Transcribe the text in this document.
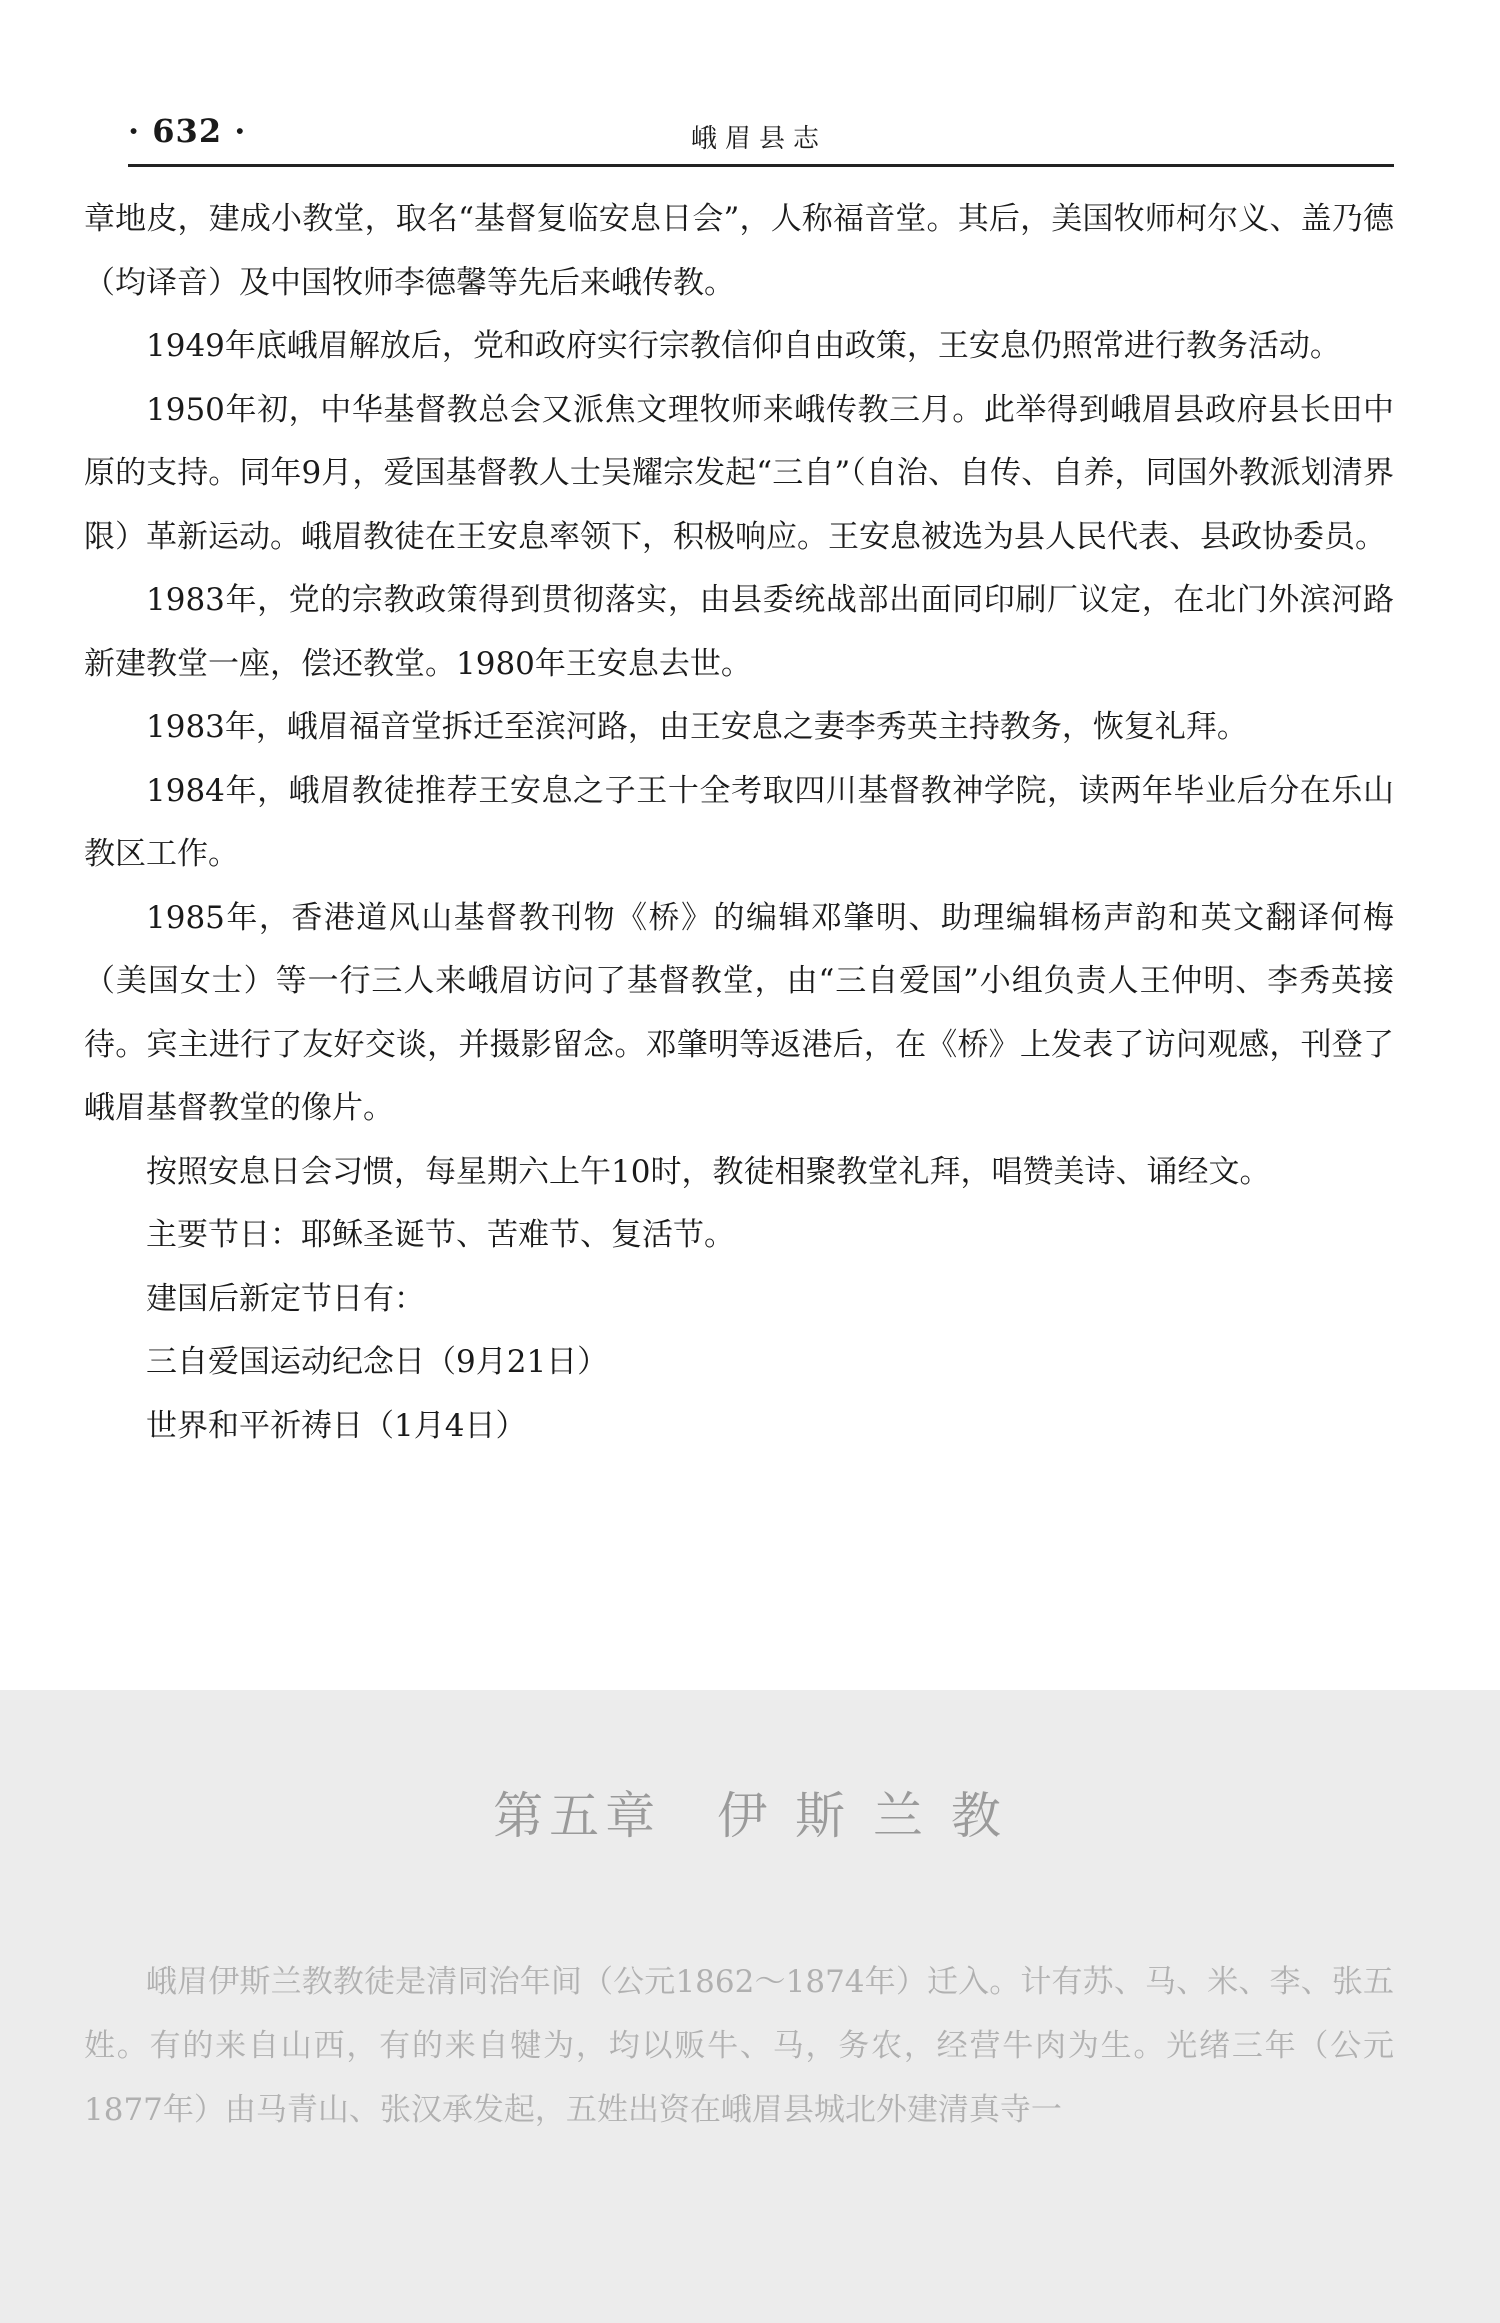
· 632 ·	峨眉县志

章地皮，建成小教堂，取名“基督复临安息日会”，人称福音堂。其后，美国牧师柯尔义、盖乃德（均译音）及中国牧师李德馨等先后来峨传教。

1949年底峨眉解放后，党和政府实行宗教信仰自由政策，王安息仍照常进行教务活动。

1950年初，中华基督教总会又派焦文理牧师来峨传教三月。此举得到峨眉县政府县长田中原的支持。同年9月，爱国基督教人士吴耀宗发起“三自”（自治、自传、自养，同国外教派划清界限）革新运动。峨眉教徒在王安息率领下，积极响应。王安息被选为县人民代表、县政协委员。

1983年，党的宗教政策得到贯彻落实，由县委统战部出面同印刷厂议定，在北门外滨河路新建教堂一座，偿还教堂。1980年王安息去世。

1983年，峨眉福音堂拆迁至滨河路，由王安息之妻李秀英主持教务，恢复礼拜。

1984年，峨眉教徒推荐王安息之子王十全考取四川基督教神学院，读两年毕业后分在乐山教区工作。

1985年，香港道风山基督教刊物《桥》的编辑邓肇明、助理编辑杨声韵和英文翻译何梅（美国女士）等一行三人来峨眉访问了基督教堂，由“三自爱国”小组负责人王仲明、李秀英接待。宾主进行了友好交谈，并摄影留念。邓肇明等返港后，在《桥》上发表了访问观感，刊登了峨眉基督教堂的像片。

按照安息日会习惯，每星期六上午10时，教徒相聚教堂礼拜，唱赞美诗、诵经文。

主要节日：耶稣圣诞节、苦难节、复活节。

建国后新定节日有：

三自爱国运动纪念日（9月21日）

世界和平祈祷日（1月4日）

第五章　伊 斯 兰 教

峨眉伊斯兰教教徒是清同治年间（公元1862～1874年）迁入。计有苏、马、米、李、张五姓。有的来自山西，有的来自犍为，均以贩牛、马，务农，经营牛肉为生。光绪三年（公元1877年）由马青山、张汉承发起，五姓出资在峨眉县城北外建清真寺一
